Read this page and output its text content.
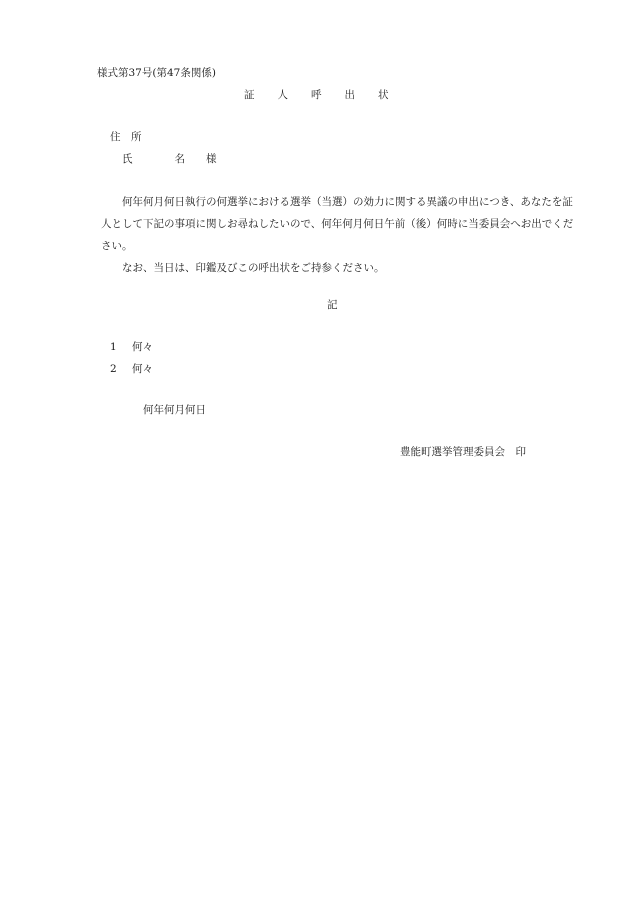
様式第37号(第47条関係)
証 人 呼 出 状
住　所
氏　　　　名　　様

何年何月何日執行の何選挙における選挙（当選）の効力に関する異議の申出につき、あなたを証人として下記の事項に関しお尋ねしたいので、何年何月何日午前（後）何時に当委員会へお出でください。

なお、当日は、印鑑及びこの呼出状をご持参ください。

記
1 何々
2 何々
何年何月何日
豊能町選挙管理委員会　印
